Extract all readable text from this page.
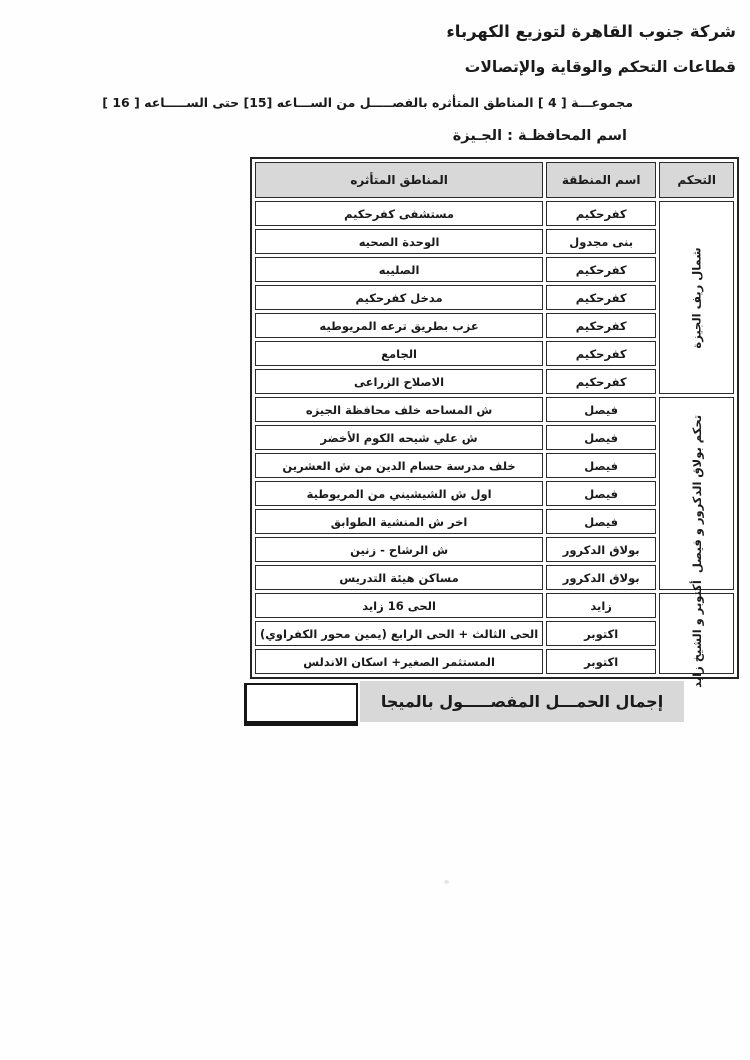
شركة جنوب القاهرة لتوزيع الكهرباء
قطاعات التحكم والوقاية والإتصالات
مجموعـــة [ 4 ] المناطق المتأثره بالفصـــــل من الســـاعه [15] حتى الســـــاعه [ 16 ]
اسم المحافظـة : الجـيزة
التحكم	اسم المنطقة	المناطق المتأثره

شمال ريف الجيزة	كفرحكيم	مستشفى كفرحكيم
	بنى مجدول	الوحدة الصحيه
	كفرحكيم	الصليبه
	كفرحكيم	مدخل كفرحكيم
	كفرحكيم	عزب بطريق ترعه المريوطيه
	كفرحكيم	الجامع
	كفرحكيم	الاصلاح الزراعى

تحكم بولاق الدكرور و فيصل	فيصل	ش المساحه خلف محافظة الجيزه
	فيصل	ش علي شيحه الكوم الأخضر
	فيصل	خلف مدرسة حسام الدين من ش العشرين
	فيصل	اول ش الشيشيني من المريوطية
	فيصل	اخر ش المنشية الطوابق
	بولاق الدكرور	ش الرشاح - زنين
	بولاق الدكرور	مساكن هيئة التدريس

أكتوبر و الشيخ زايد	زايد	الحى 16 زايد
	اكتوبر	الحى الثالث + الحى الرابع (يمين محور الكفراوي)
	اكتوبر	المستثمر الصغير+ اسكان الاندلس
إجمال الحمـــل المفصـــــول بالميجا
